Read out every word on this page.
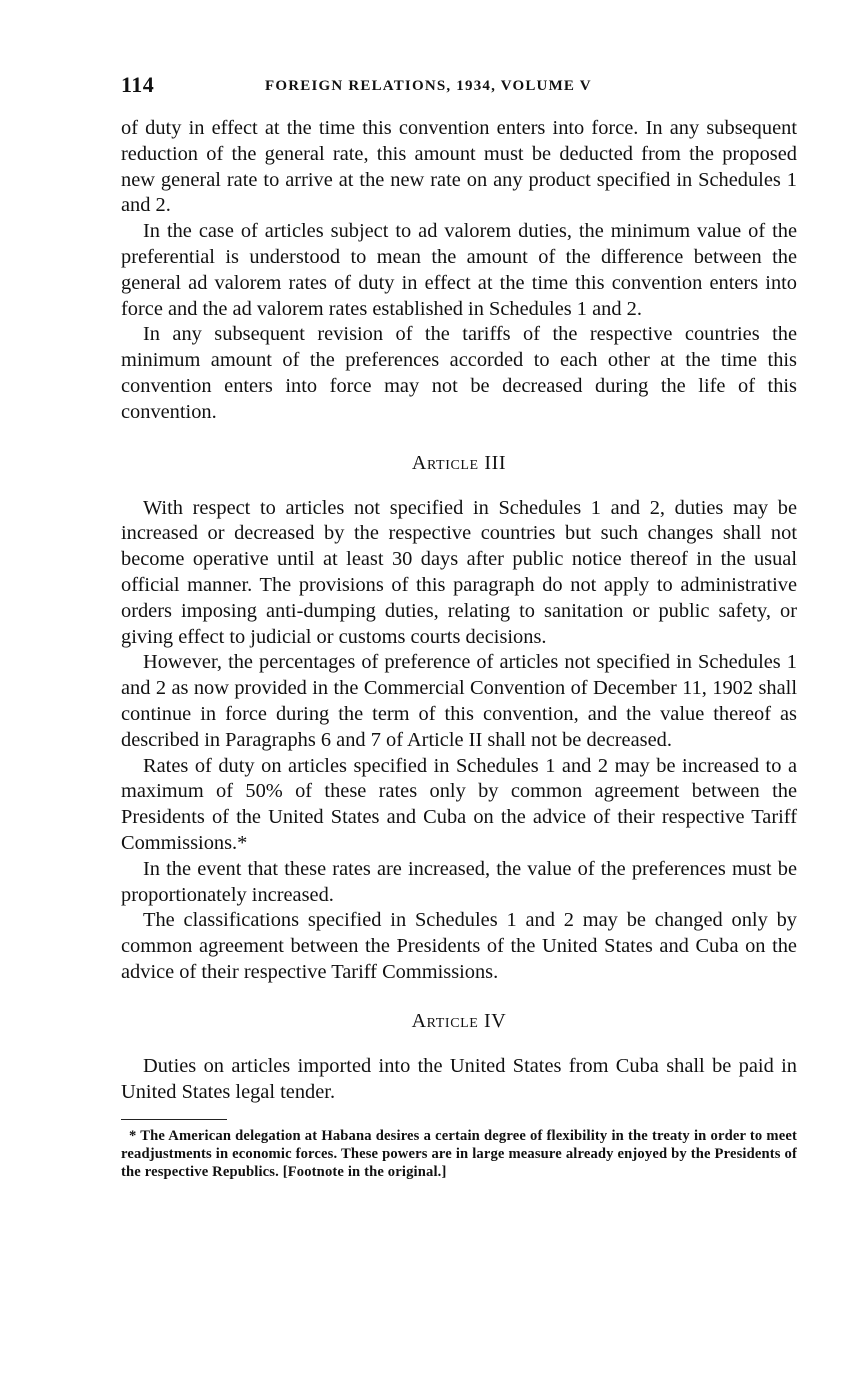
114	FOREIGN RELATIONS, 1934, VOLUME V

of duty in effect at the time this convention enters into force. In any subsequent reduction of the general rate, this amount must be deducted from the proposed new general rate to arrive at the new rate on any product specified in Schedules 1 and 2.

In the case of articles subject to ad valorem duties, the minimum value of the preferential is understood to mean the amount of the difference between the general ad valorem rates of duty in effect at the time this convention enters into force and the ad valorem rates established in Schedules 1 and 2.

In any subsequent revision of the tariffs of the respective countries the minimum amount of the preferences accorded to each other at the time this convention enters into force may not be decreased during the life of this convention.

Article III

With respect to articles not specified in Schedules 1 and 2, duties may be increased or decreased by the respective countries but such changes shall not become operative until at least 30 days after public notice thereof in the usual official manner. The provisions of this paragraph do not apply to administrative orders imposing anti-dumping duties, relating to sanitation or public safety, or giving effect to judicial or customs courts decisions.

However, the percentages of preference of articles not specified in Schedules 1 and 2 as now provided in the Commercial Convention of December 11, 1902 shall continue in force during the term of this convention, and the value thereof as described in Paragraphs 6 and 7 of Article II shall not be decreased.

Rates of duty on articles specified in Schedules 1 and 2 may be increased to a maximum of 50% of these rates only by common agreement between the Presidents of the United States and Cuba on the advice of their respective Tariff Commissions.*

In the event that these rates are increased, the value of the preferences must be proportionately increased.

The classifications specified in Schedules 1 and 2 may be changed only by common agreement between the Presidents of the United States and Cuba on the advice of their respective Tariff Commissions.

Article IV

Duties on articles imported into the United States from Cuba shall be paid in United States legal tender.

* The American delegation at Habana desires a certain degree of flexibility in the treaty in order to meet readjustments in economic forces. These powers are in large measure already enjoyed by the Presidents of the respective Republics. [Footnote in the original.]
